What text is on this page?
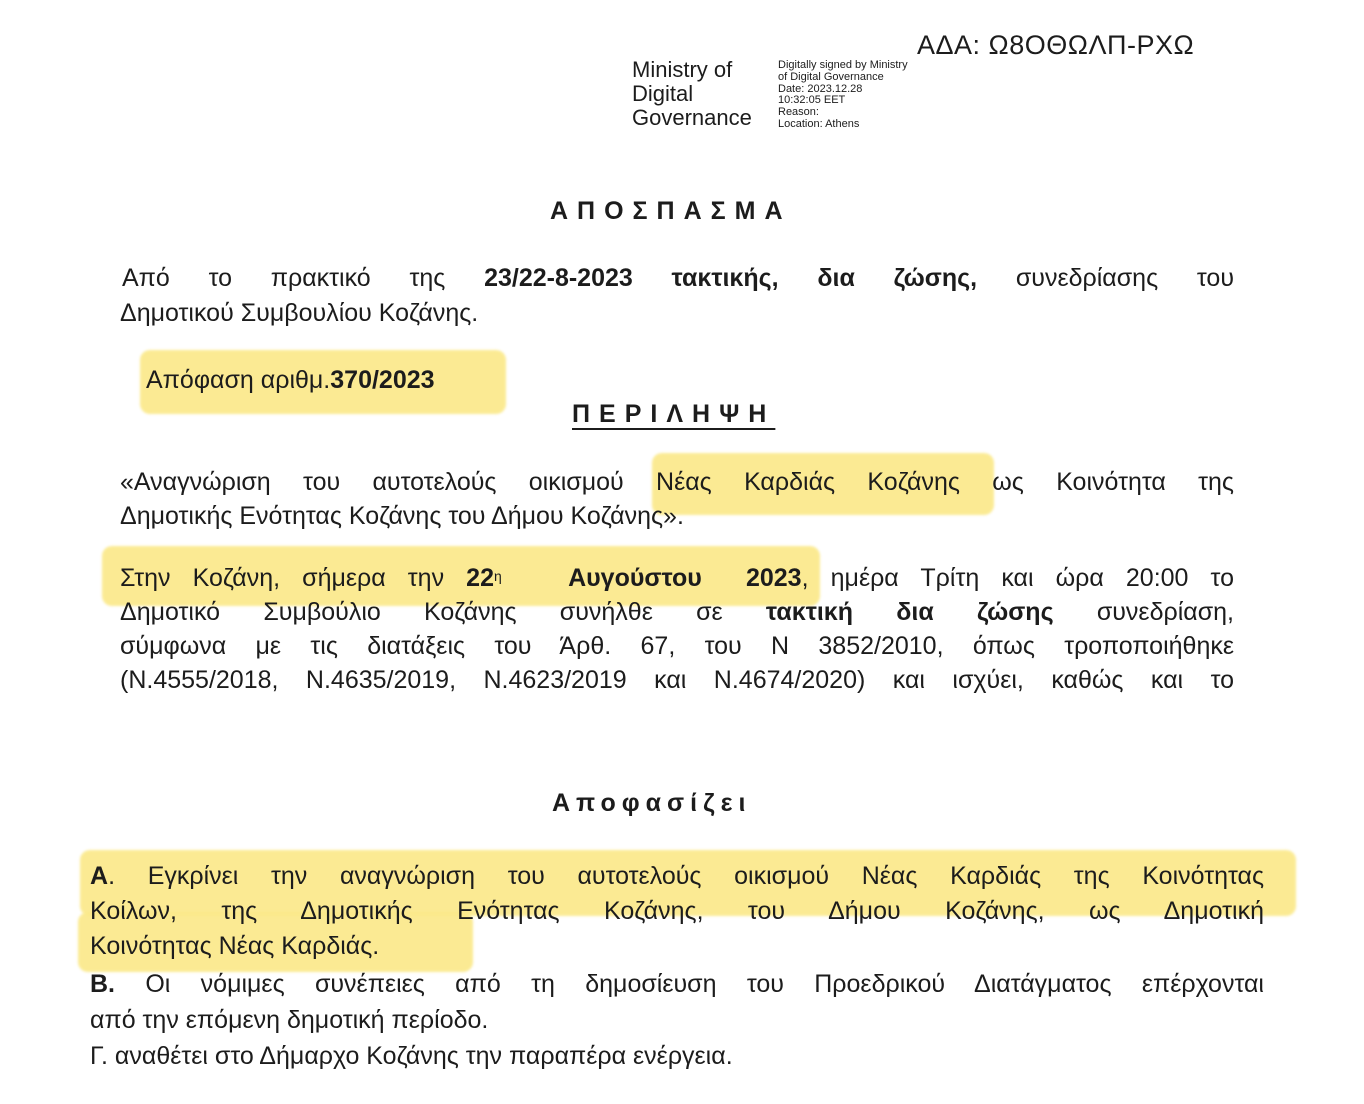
ΑΔΑ: Ω8ΟΘΩΛΠ-ΡΧΩ
Ministry of
Digital
Governance
Digitally signed by Ministry
of Digital Governance
Date: 2023.12.28
10:32:05 EET
Reason:
Location: Athens
ΑΠΟΣΠΑΣΜΑ
Από το πρακτικό της 23/22-8-2023 τακτικής, δια ζώσης, συνεδρίασης του
Δημοτικού Συμβουλίου Κοζάνης.
Απόφαση αριθμ.370/2023
ΠΕΡΙΛΗΨΗ
«Αναγνώριση του αυτοτελούς οικισμού Νέας Καρδιάς Κοζάνης ως Κοινότητα της
Δημοτικής Ενότητας Κοζάνης του Δήμου Κοζάνης».
Στην Κοζάνη, σήμερα την $22^\eta$	Αυγούστου 2023, ημέρα Τρίτη και ώρα 20:00 το
Δημοτικό Συμβούλιο Κοζάνης συνήλθε σε τακτική δια ζώσης συνεδρίαση,
σύμφωνα με τις διατάξεις του Άρθ. 67, του Ν 3852/2010, όπως τροποποιήθηκε
(Ν.4555/2018, Ν.4635/2019, Ν.4623/2019 και Ν.4674/2020) και ισχύει, καθώς και το
Αποφασίζει
Α. Εγκρίνει την αναγνώριση του αυτοτελούς οικισμού Νέας Καρδιάς της Κοινότητας
Κοίλων, της Δημοτικής Ενότητας Κοζάνης, του Δήμου Κοζάνης, ως Δημοτική
Κοινότητας Νέας Καρδιάς.
Β. Οι νόμιμες συνέπειες από τη δημοσίευση του Προεδρικού Διατάγματος επέρχονται
από την επόμενη δημοτική περίοδο.
Γ. αναθέτει στο Δήμαρχο Κοζάνης την παραπέρα ενέργεια.
